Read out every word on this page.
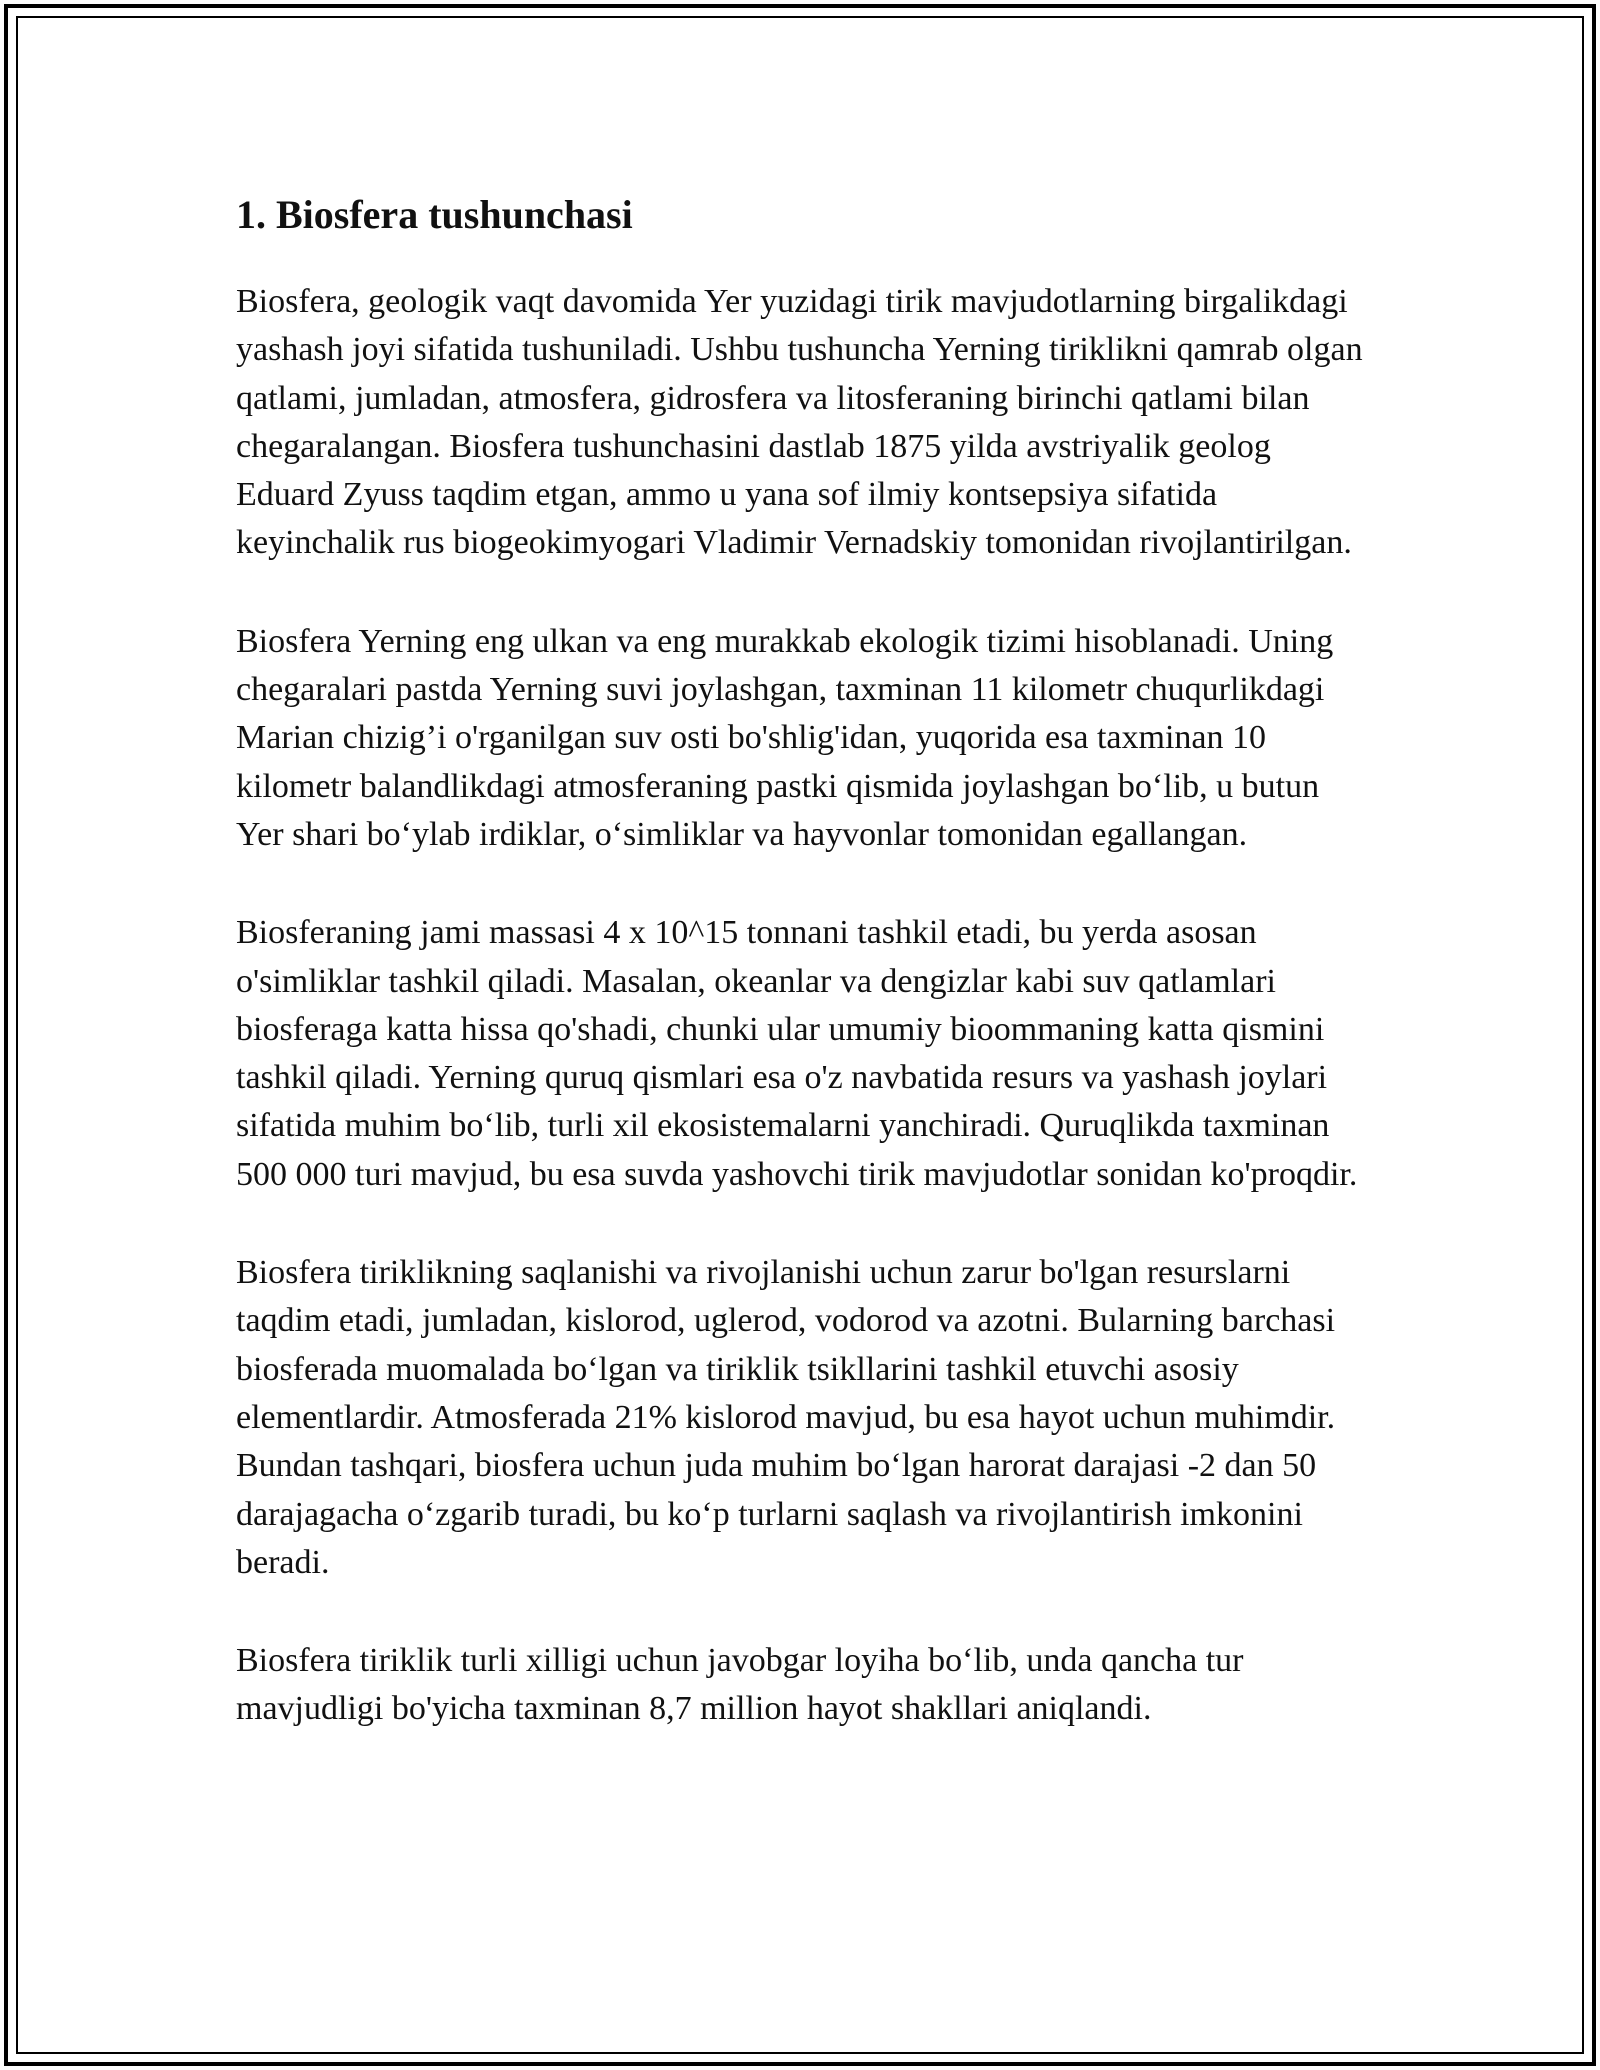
1. Biosfera tushunchasi

Biosfera, geologik vaqt davomida Yer yuzidagi tirik mavjudotlarning birgalikdagi yashash joyi sifatida tushuniladi. Ushbu tushuncha Yerning tiriklikni qamrab olgan qatlami, jumladan, atmosfera, gidrosfera va litosferaning birinchi qatlami bilan chegaralangan. Biosfera tushunchasini dastlab 1875 yilda avstriyalik geolog Eduard Zyuss taqdim etgan, ammo u yana sof ilmiy kontsepsiya sifatida keyinchalik rus biogeokimyogari Vladimir Vernadskiy tomonidan rivojlantirilgan.

Biosfera Yerning eng ulkan va eng murakkab ekologik tizimi hisoblanadi. Uning chegaralari pastda Yerning suvi joylashgan, taxminan 11 kilometr chuqurlikdagi Marian chizig’i o'rganilgan suv osti bo'shlig'idan, yuqorida esa taxminan 10 kilometr balandlikdagi atmosferaning pastki qismida joylashgan bo‘lib, u butun Yer shari bo‘ylab irdiklar, o‘simliklar va hayvonlar tomonidan egallangan.

Biosferaning jami massasi 4 x 10^15 tonnani tashkil etadi, bu yerda asosan o'simliklar tashkil qiladi. Masalan, okeanlar va dengizlar kabi suv qatlamlari biosferaga katta hissa qo'shadi, chunki ular umumiy bioommaning katta qismini tashkil qiladi. Yerning quruq qismlari esa o'z navbatida resurs va yashash joylari sifatida muhim bo‘lib, turli xil ekosistemalarni yanchiradi. Quruqlikda taxminan 500 000 turi mavjud, bu esa suvda yashovchi tirik mavjudotlar sonidan ko'proqdir.

Biosfera tiriklikning saqlanishi va rivojlanishi uchun zarur bo'lgan resurslarni taqdim etadi, jumladan, kislorod, uglerod, vodorod va azotni. Bularning barchasi biosferada muomalada bo‘lgan va tiriklik tsikllarini tashkil etuvchi asosiy elementlardir. Atmosferada 21% kislorod mavjud, bu esa hayot uchun muhimdir. Bundan tashqari, biosfera uchun juda muhim bo‘lgan harorat darajasi -2 dan 50 darajagacha o‘zgarib turadi, bu ko‘p turlarni saqlash va rivojlantirish imkonini beradi.

Biosfera tiriklik turli xilligi uchun javobgar loyiha bo‘lib, unda qancha tur mavjudligi bo'yicha taxminan 8,7 million hayot shakllari aniqlandi.
